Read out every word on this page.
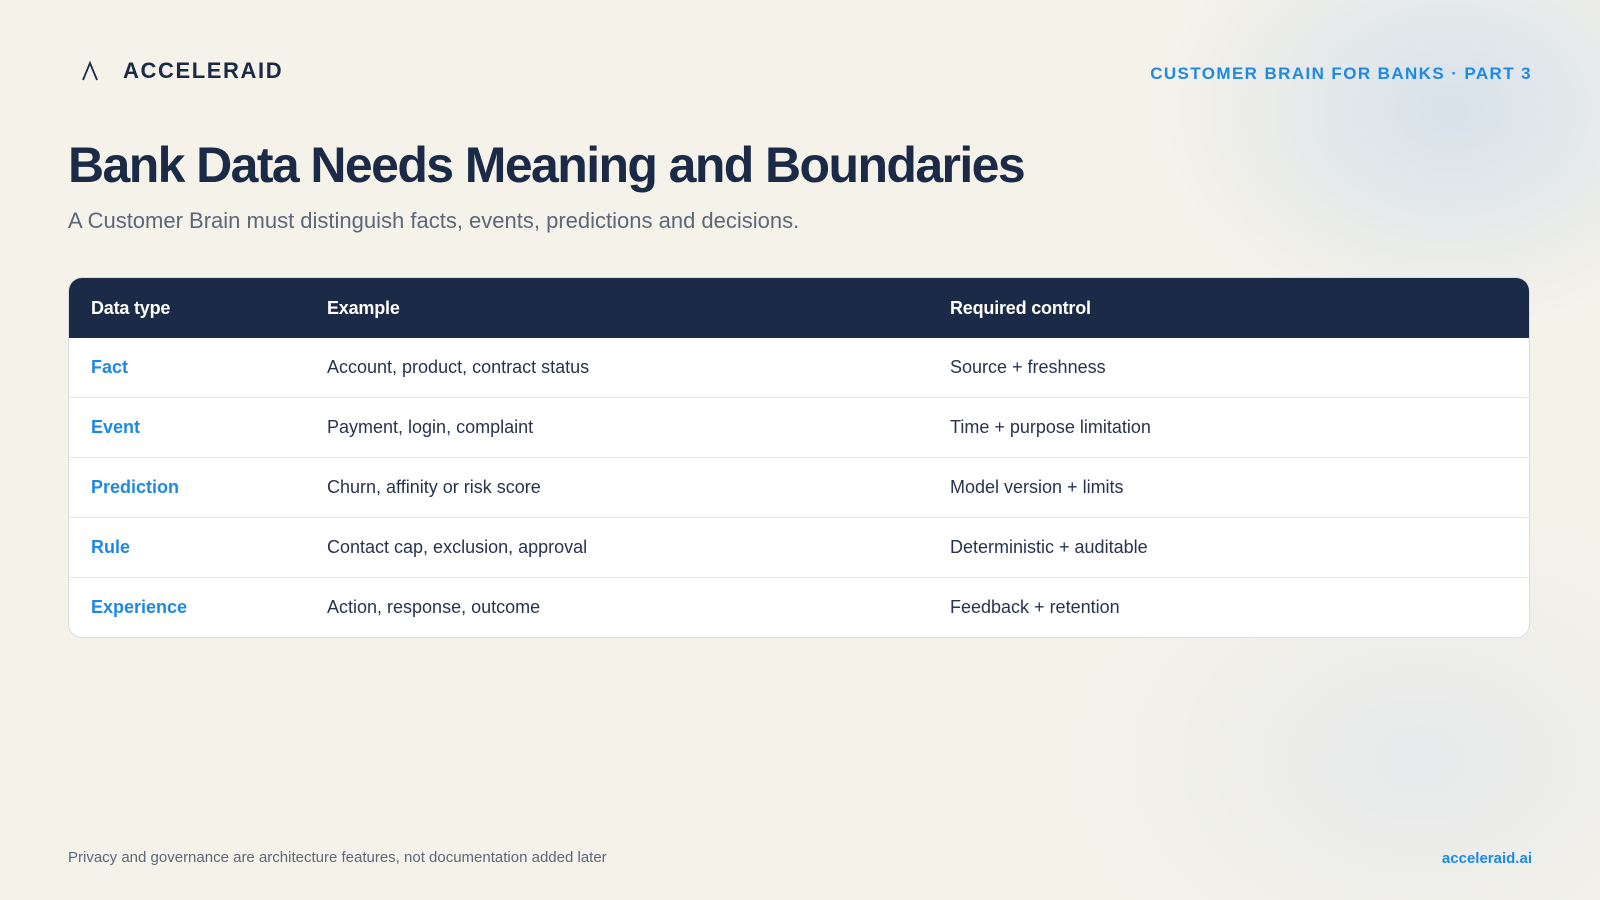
ACCELERAID	CUSTOMER BRAIN FOR BANKS · PART 3
Bank Data Needs Meaning and Boundaries

A Customer Brain must distinguish facts, events, predictions and decisions.

Data type	Example	Required control
Fact	Account, product, contract status	Source + freshness
Event	Payment, login, complaint	Time + purpose limitation
Prediction	Churn, affinity or risk score	Model version + limits
Rule	Contact cap, exclusion, approval	Deterministic + auditable
Experience	Action, response, outcome	Feedback + retention
Privacy and governance are architecture features, not documentation added later	acceleraid.ai
